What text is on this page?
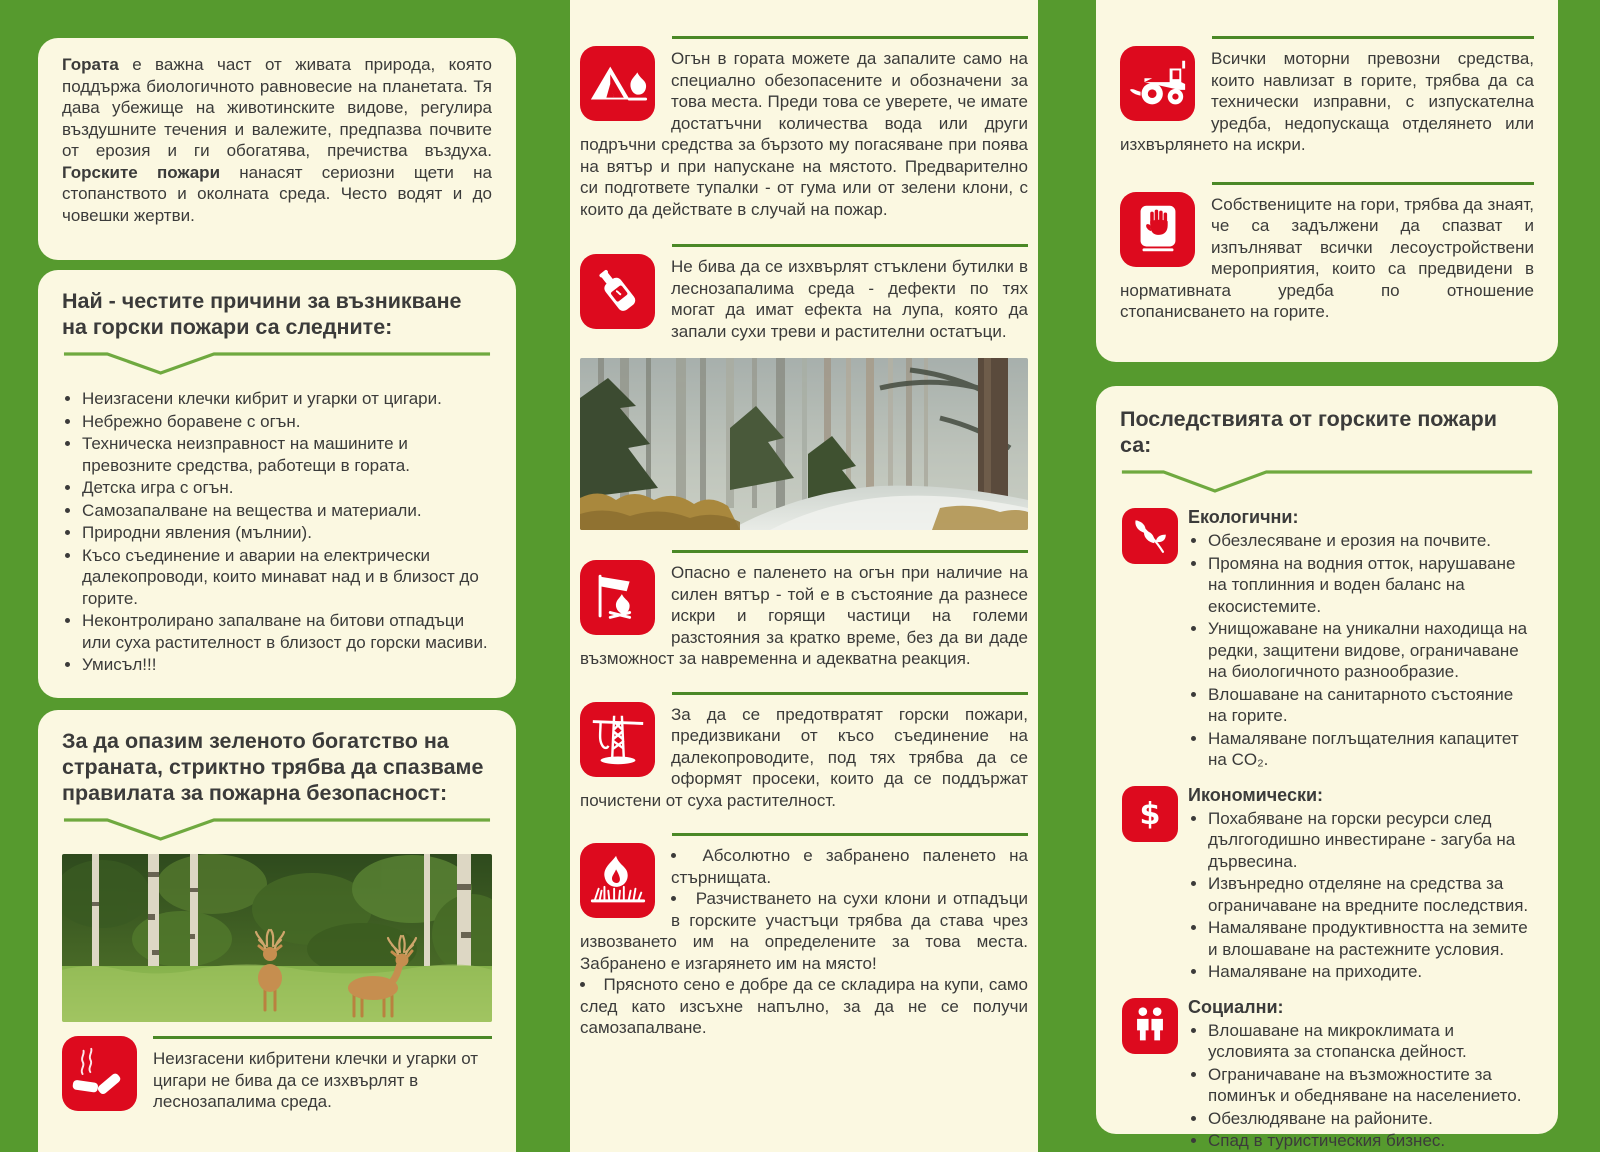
Гората е важна част от живата природа, която поддържа биологичното равновесие на планетата. Тя дава убежище на животинските видове, регулира въздушните течения и валежите, предпазва почвите от ерозия и ги обогатява, пречиства въздуха. Горските пожари нанасят сериозни щети на стопанството и околната среда. Често водят и до човешки жертви.

Най - честите причини за възникване на горски пожари са следните:
• Неизгасени клечки кибрит и угарки от цигари.
• Небрежно боравене с огън.
• Техническа неизправност на машините и превозните средства, работещи в гората.
• Детска игра с огън.
• Самозапалване на вещества и материали.
• Природни явления (мълнии).
• Късо съединение и аварии на електрически далекопроводи, които минават над и в близост до горите.
• Неконтролирано запалване на битови отпадъци или суха растителност в близост до горски масиви.
• Умисъл!!!
За да опазим зеленото богатство на страната, стриктно трябва да спазваме правилата за пожарна безопасност:

Неизгасени кибритени клечки и угарки от цигари не бива да се изхвърлят в леснозапалима среда.

Огън в гората можете да запалите само на специално обезопасените и обозначени за това места. Преди това се уверете, че имате достатъчни количества вода или други подръчни средства за бързото му погасяване при поява на вятър и при напускане на мястото. Предварително си подгответе тупалки - от гума или от зелени клони, с които да действате в случай на пожар.

Не бива да се изхвърлят стъклени бутилки в леснозапалима среда - дефекти по тях могат да имат ефекта на лупа, която да запали сухи треви и растителни остатъци.

Опасно е паленето на огън при наличие на силен вятър - той е в състояние да разнесе искри и горящи частици на големи разстояния за кратко време, без да ви даде възможност за навременна и адекватна реакция.

За да се предотвратят горски пожари, предизвикани от късо съединение на далекопроводите, под тях трябва да се оформят просеки, които да се поддържат почистени от суха растителност.

• Абсолютно е забранено паленето на стърнищата.
• Разчистването на сухи клони и отпадъци в горските участъци трябва да става чрез извозването им на определените за това места. Забранено е изгарянето им на място!
• Прясното сено е добре да се складира на купи, само след като изсъхне напълно, за да не се получи самозапалване.

Всички моторни превозни средства, които навлизат в горите, трябва да са технически изправни, с изпускателна уредба, недопускаща отделянето или изхвърлянето на искри.

Собствениците на гори, трябва да знаят, че са задължени да спазват и изпълняват всички лесоустройствени мероприятия, които са предвидени в нормативната уредба по отношение стопанисването на горите.

Последствията от горските пожари са:
Екологични:
• Обезлесяване и ерозия на почвите.
• Промяна на водния отток, нарушаване на топлинния и воден баланс на екосистемите.
• Унищожаване на уникални находища на редки, защитени видове, ограничаване на биологичното разнообразие.
• Влошаване на санитарното състояние на горите.
• Намаляване поглъщателния капацитет на CO₂.
Икономически:
• Похабяване на горски ресурси след дългогодишно инвестиране - загуба на дървесина.
• Извънредно отделяне на средства за ограничаване на вредните последствия.
• Намаляване продуктивността на земите и влошаване на растежните условия.
• Намаляване на приходите.
Социални:
• Влошаване на микроклимата и условията за стопанска дейност.
• Ограничаване на възможностите за поминък и обедняване на населението.
• Обезлюдяване на районите.
• Спад в туристическия бизнес.
